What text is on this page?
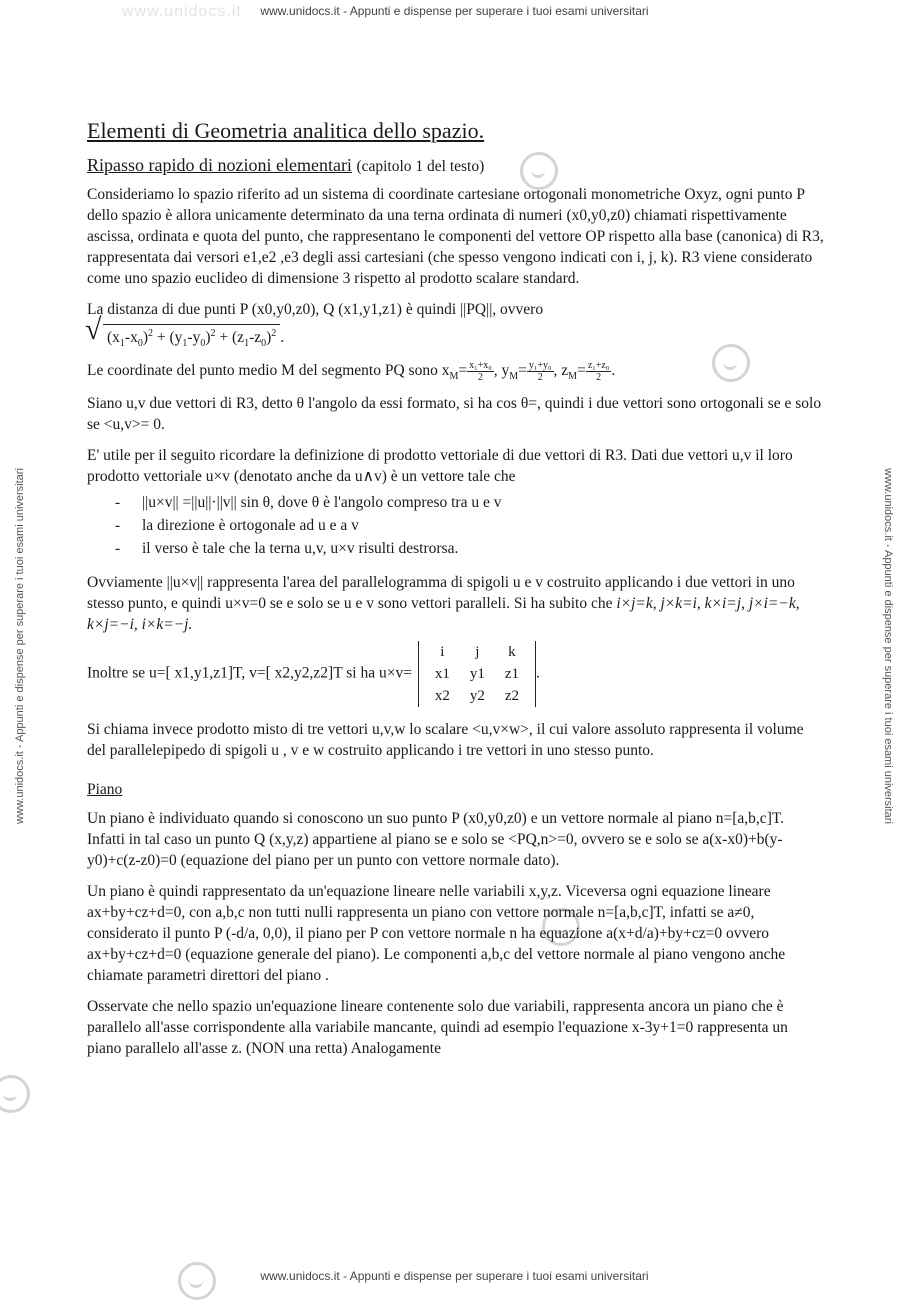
www.unidocs.it - Appunti e dispense per superare i tuoi esami universitari
www.unidocs.it
www.unidocs.it - Appunti e dispense per superare i tuoi esami universitari	www.unidocs.it - Appunti e dispense per superare i tuoi esami universitari
Elementi di Geometria analitica dello spazio.
Ripasso rapido di nozioni elementari (capitolo 1 del testo)

Consideriamo lo spazio riferito ad un sistema di coordinate cartesiane ortogonali monometriche Oxyz, ogni punto P dello spazio è allora unicamente determinato da una terna ordinata di numeri (x0,y0,z0) chiamati rispettivamente ascissa, ordinata e quota del punto, che rappresentano le componenti del vettore OP rispetto alla base (canonica) di R3, rappresentata dai versori e1,e2 ,e3 degli assi cartesiani (che spesso vengono indicati con i, j, k). R3 viene considerato come uno spazio euclideo di dimensione 3 rispetto al prodotto scalare standard.

La distanza di due punti P (x0,y0,z0), Q (x1,y1,z1) è quindi ||PQ||, ovvero

√ $(x_1-x_0)^2 + (y_1-y_0)^2 + (z_1-z_0)^2$ .

Le coordinate del punto medio M del segmento PQ sono $x_M= \frac{\text{x₁+x₀}}{2}$ , $y_M= \frac{\text{y₁+y₀}}{2}$ , $z_M= \frac{\text{z₁+z₀}}{2}$ .

Siano u,v due vettori di R3, detto θ l'angolo da essi formato, si ha cos θ=, quindi i due vettori sono ortogonali se e solo se <u,v>= 0.

E' utile per il seguito ricordare la definizione di prodotto vettoriale di due vettori di R3. Dati due vettori u,v il loro prodotto vettoriale u×v (denotato anche da u∧v) è un vettore tale che

- ||u×v|| =||u||·||v|| sin θ, dove θ è l'angolo compreso tra u e v
- la direzione è ortogonale ad u e a v
- il verso è tale che la terna u,v, u×v risulti destrorsa.

Ovviamente ||u×v|| rappresenta l'area del parallelogramma di spigoli u e v costruito applicando i due vettori in uno stesso punto, e quindi u×v=0 se e solo se u e v sono vettori paralleli. Si ha subito che i×j=k, j×k=i, k×i=j, j×i=−k, k×j=−i, i×k=−j.

Inoltre se u=[ x1,y1,z1]T, v=[ x2,y2,z2]T si ha u×v=
i	j	k
x1	y1	z1
x2	y2	z2
.

Si chiama invece prodotto misto di tre vettori u,v,w lo scalare <u,v×w>, il cui valore assoluto rappresenta il volume del parallelepipedo di spigoli u , v e w costruito applicando i tre vettori in uno stesso punto.

Piano

Un piano è individuato quando si conoscono un suo punto P (x0,y0,z0) e un vettore normale al piano n=[a,b,c]T. Infatti in tal caso un punto Q (x,y,z) appartiene al piano se e solo se <PQ,n>=0, ovvero se e solo se a(x-x0)+b(y-y0)+c(z-z0)=0 (equazione del piano per un punto con vettore normale dato).

Un piano è quindi rappresentato da un'equazione lineare nelle variabili x,y,z. Viceversa ogni equazione lineare ax+by+cz+d=0, con a,b,c non tutti nulli rappresenta un piano con vettore normale n=[a,b,c]T, infatti se a≠0, considerato il punto P (-d/a, 0,0), il piano per P con vettore normale n ha equazione a(x+d/a)+by+cz=0 ovvero ax+by+cz+d=0 (equazione generale del piano). Le componenti a,b,c del vettore normale al piano vengono anche chiamate parametri direttori del piano .

Osservate che nello spazio un'equazione lineare contenente solo due variabili, rappresenta ancora un piano che è parallelo all'asse corrispondente alla variabile mancante, quindi ad esempio l'equazione x-3y+1=0 rappresenta un piano parallelo all'asse z. (NON una retta) Analogamente

www.unidocs.it - Appunti e dispense per superare i tuoi esami universitari
